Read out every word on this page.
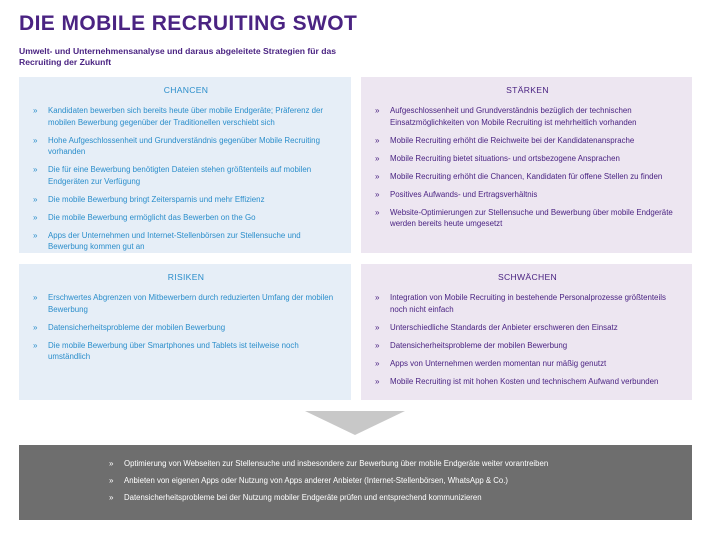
DIE MOBILE RECRUITING SWOT
Umwelt- und Unternehmensanalyse und daraus abgeleitete Strategien für das Recruiting der Zukunft
CHANCEN
» Kandidaten bewerben sich bereits heute über mobile Endgeräte; Präferenz der mobilen Bewerbung gegenüber der Traditionellen verschiebt sich
» Hohe Aufgeschlossenheit und Grundverständnis gegenüber Mobile Recruiting vorhanden
» Die für eine Bewerbung benötigten Dateien stehen größtenteils auf mobilen Endgeräten zur Verfügung
» Die mobile Bewerbung bringt Zeitersparnis und mehr Effizienz
» Die mobile Bewerbung ermöglicht das Bewerben on the Go
» Apps der Unternehmen und Internet-Stellenbörsen zur Stellensuche und Bewerbung kommen gut an
STÄRKEN
» Aufgeschlossenheit und Grundverständnis bezüglich der technischen Einsatzmöglichkeiten von Mobile Recruiting ist mehrheitlich vorhanden
» Mobile Recruiting erhöht die Reichweite bei der Kandidatenansprache
» Mobile Recruiting bietet situations- und ortsbezogene Ansprachen
» Mobile Recruiting erhöht die Chancen, Kandidaten für offene Stellen zu finden
» Positives Aufwands- und Ertragsverhältnis
» Website-Optimierungen zur Stellensuche und Bewerbung über mobile Endgeräte werden bereits heute umgesetzt
RISIKEN
» Erschwertes Abgrenzen von Mitbewerbern durch reduzierten Umfang der mobilen Bewerbung
» Datensicherheitsprobleme der mobilen Bewerbung
» Die mobile Bewerbung über Smartphones und Tablets ist teilweise noch umständlich
SCHWÄCHEN
» Integration von Mobile Recruiting in bestehende Personalprozesse größtenteils noch nicht einfach
» Unterschiedliche Standards der Anbieter erschweren den Einsatz
» Datensicherheitsprobleme der mobilen Bewerbung
» Apps von Unternehmen werden momentan nur mäßig genutzt
» Mobile Recruiting ist mit hohen Kosten und technischem Aufwand verbunden
» Optimierung von Webseiten zur Stellensuche und insbesondere zur Bewerbung über mobile Endgeräte weiter vorantreiben
» Anbieten von eigenen Apps oder Nutzung von Apps anderer Anbieter (Internet-Stellenbörsen, WhatsApp & Co.)
» Datensicherheitsprobleme bei der Nutzung mobiler Endgeräte prüfen und entsprechend kommunizieren
